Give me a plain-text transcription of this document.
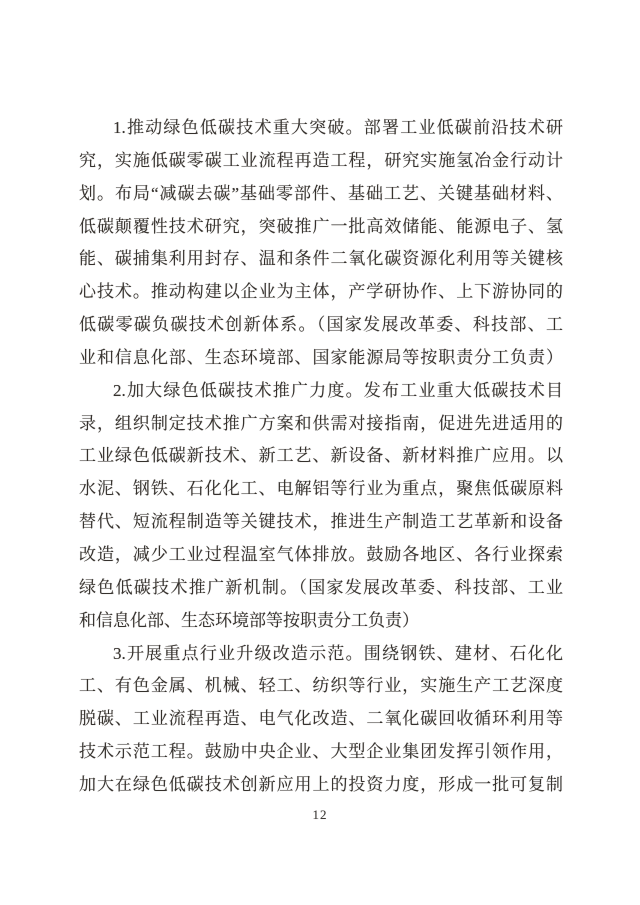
1.推动绿色低碳技术重大突破。部署工业低碳前沿技术研
究，实施低碳零碳工业流程再造工程，研究实施氢冶金行动计
划。布局“减碳去碳”基础零部件、基础工艺、关键基础材料、
低碳颠覆性技术研究，突破推广一批高效储能、能源电子、氢
能、碳捕集利用封存、温和条件二氧化碳资源化利用等关键核
心技术。推动构建以企业为主体，产学研协作、上下游协同的
低碳零碳负碳技术创新体系。（国家发展改革委、科技部、工
业和信息化部、生态环境部、国家能源局等按职责分工负责）
2.加大绿色低碳技术推广力度。发布工业重大低碳技术目
录，组织制定技术推广方案和供需对接指南，促进先进适用的
工业绿色低碳新技术、新工艺、新设备、新材料推广应用。以
水泥、钢铁、石化化工、电解铝等行业为重点，聚焦低碳原料
替代、短流程制造等关键技术，推进生产制造工艺革新和设备
改造，减少工业过程温室气体排放。鼓励各地区、各行业探索
绿色低碳技术推广新机制。（国家发展改革委、科技部、工业
和信息化部、生态环境部等按职责分工负责）
3.开展重点行业升级改造示范。围绕钢铁、建材、石化化
工、有色金属、机械、轻工、纺织等行业，实施生产工艺深度
脱碳、工业流程再造、电气化改造、二氧化碳回收循环利用等
技术示范工程。鼓励中央企业、大型企业集团发挥引领作用，
加大在绿色低碳技术创新应用上的投资力度，形成一批可复制
12
